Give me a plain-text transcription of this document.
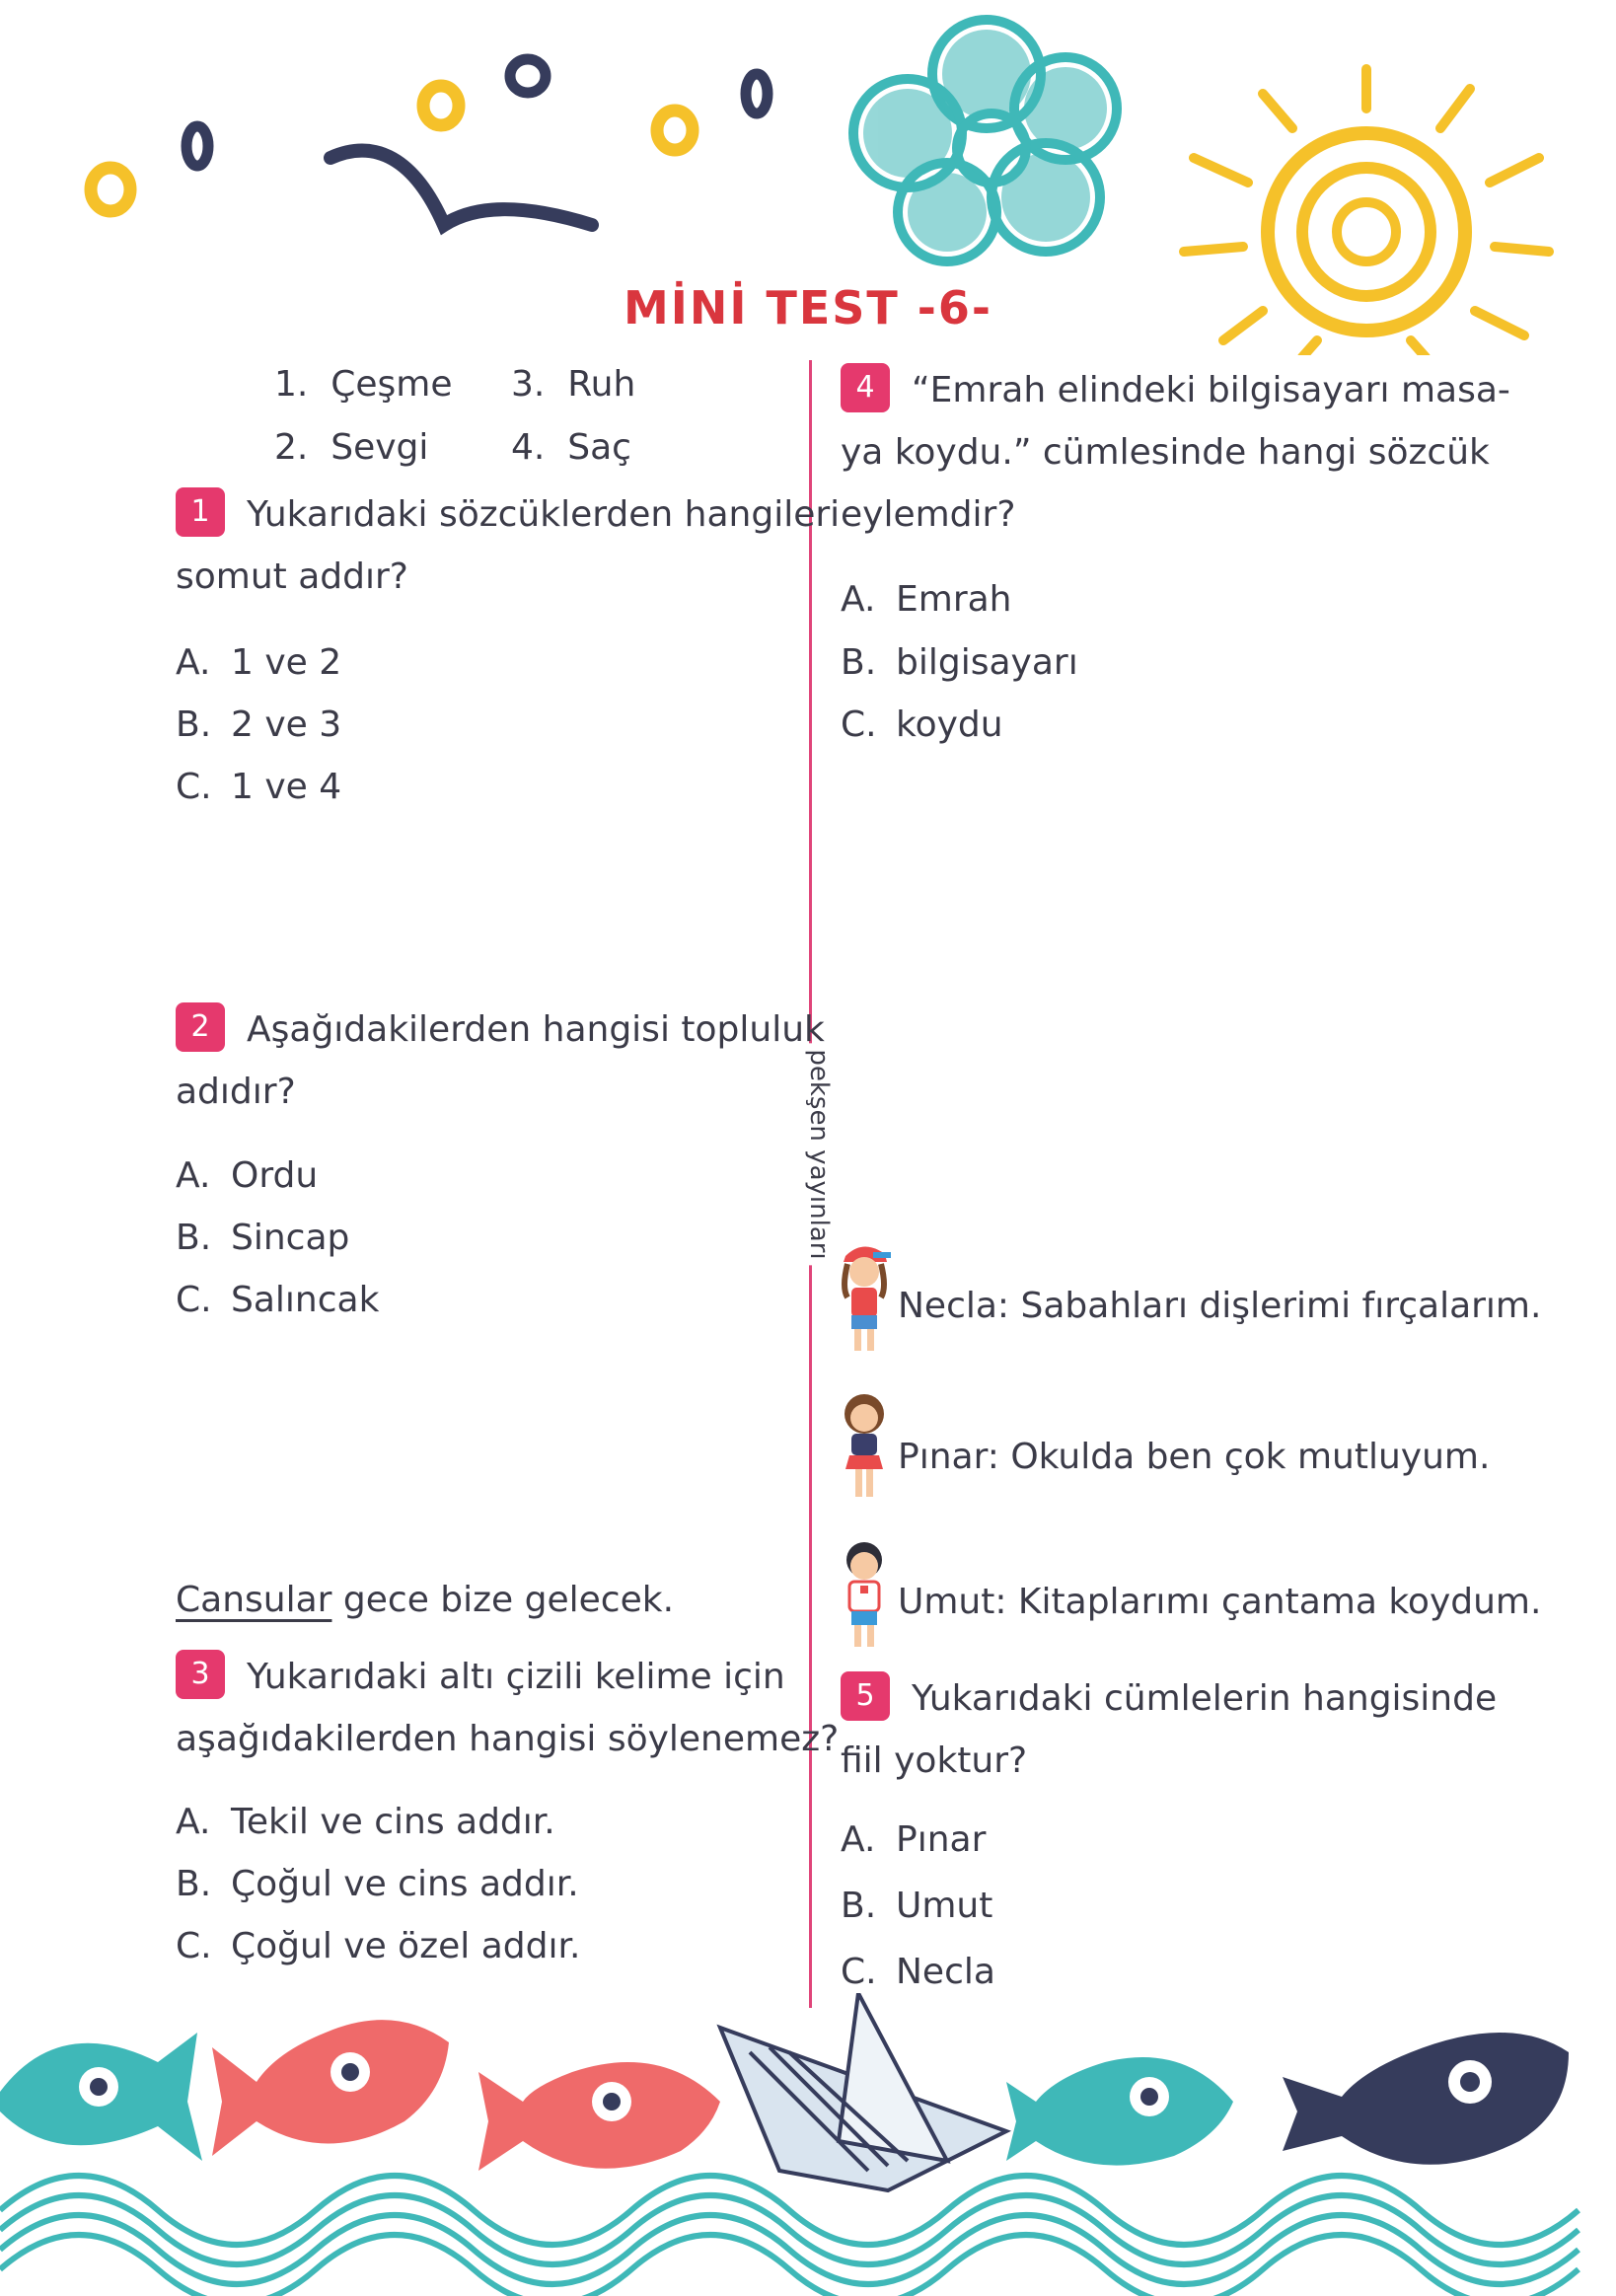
MİNİ TEST -6-
pekşen yayınları
1. Çeşme 3. Ruh
2. Sevgi 4. Saç
1 Yukarıdaki sözcüklerden hangileri
somut addır?
A. 1 ve 2
B. 2 ve 3
C. 1 ve 4
2 Aşağıdakilerden hangisi topluluk
adıdır?
A. Ordu
B. Sincap
C. Salıncak
Cansular gece bize gelecek.
3 Yukarıdaki altı çizili kelime için
aşağıdakilerden hangisi söylenemez?
A. Tekil ve cins addır.
B. Çoğul ve cins addır.
C. Çoğul ve özel addır.
4 “Emrah elindeki bilgisayarı masa-
ya koydu.” cümlesinde hangi sözcük
eylemdir?
A. Emrah
B. bilgisayarı
C. koydu
Necla: Sabahları dişlerimi fırçalarım.
Pınar: Okulda ben çok mutluyum.
Umut: Kitaplarımı çantama koydum.
5 Yukarıdaki cümlelerin hangisinde
fiil yoktur?
A. Pınar
B. Umut
C. Necla
